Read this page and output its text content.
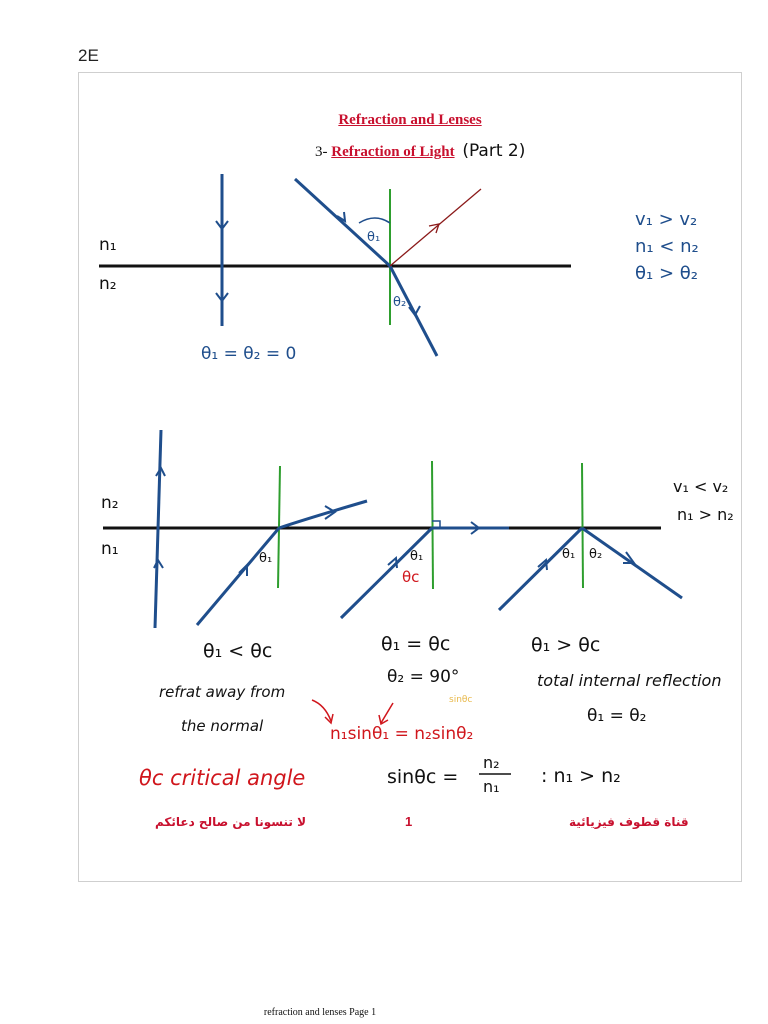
2E
Refraction and Lenses
3- Refraction of Light (Part 2)
n₁
n₂
θ₁ = θ₂ = 0
θ₁
θ₂
v₁ > v₂
n₁ < n₂
θ₁ > θ₂
n₂
n₁
v₁ < v₂
n₁ > n₂
θ₁	θ₁
θc
θ₁ θ₂
θ₁ < θc	θ₁ = θc	θ₁ > θc
refrat away from
the normal
θ₂ = 90°	total internal reflection
θ₁ = θ₂
n₁sinθ₁ = n₂sinθ₂
sinθc
θc critical angle	sinθc =
n₂
n₁ : n₁ > n₂
لا تنسونا من صالح دعائكم	1	قناة قطوف فيزيائية
refraction and lenses Page 1
